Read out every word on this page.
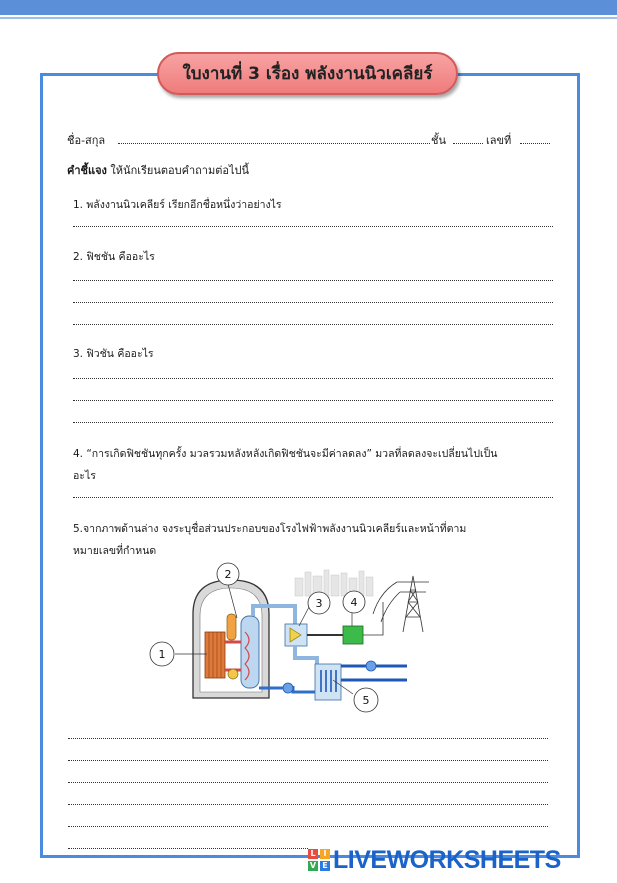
ใบงานที่ 3 เรื่อง พลังงานนิวเคลียร์
ชื่อ-สกุล	ชั้น	เลขที่
คำชี้แจง ให้นักเรียนตอบคำถามต่อไปนี้
1. พลังงานนิวเคลียร์ เรียกอีกชื่อหนึ่งว่าอย่างไร
2. ฟิชชัน คืออะไร
3. ฟิวชัน คืออะไร
4. “การเกิดฟิชชันทุกครั้ง มวลรวมหลังหลังเกิดฟิชชันจะมีค่าลดลง” มวลที่ลดลงจะเปลี่ยนไปเป็น
อะไร
5.จากภาพด้านล่าง จงระบุชื่อส่วนประกอบของโรงไฟฟ้าพลังงานนิวเคลียร์และหน้าที่ตาม
หมายเลขที่กำหนด
1
2
3	4
5
L I
V E LIVEWORKSHEETS
